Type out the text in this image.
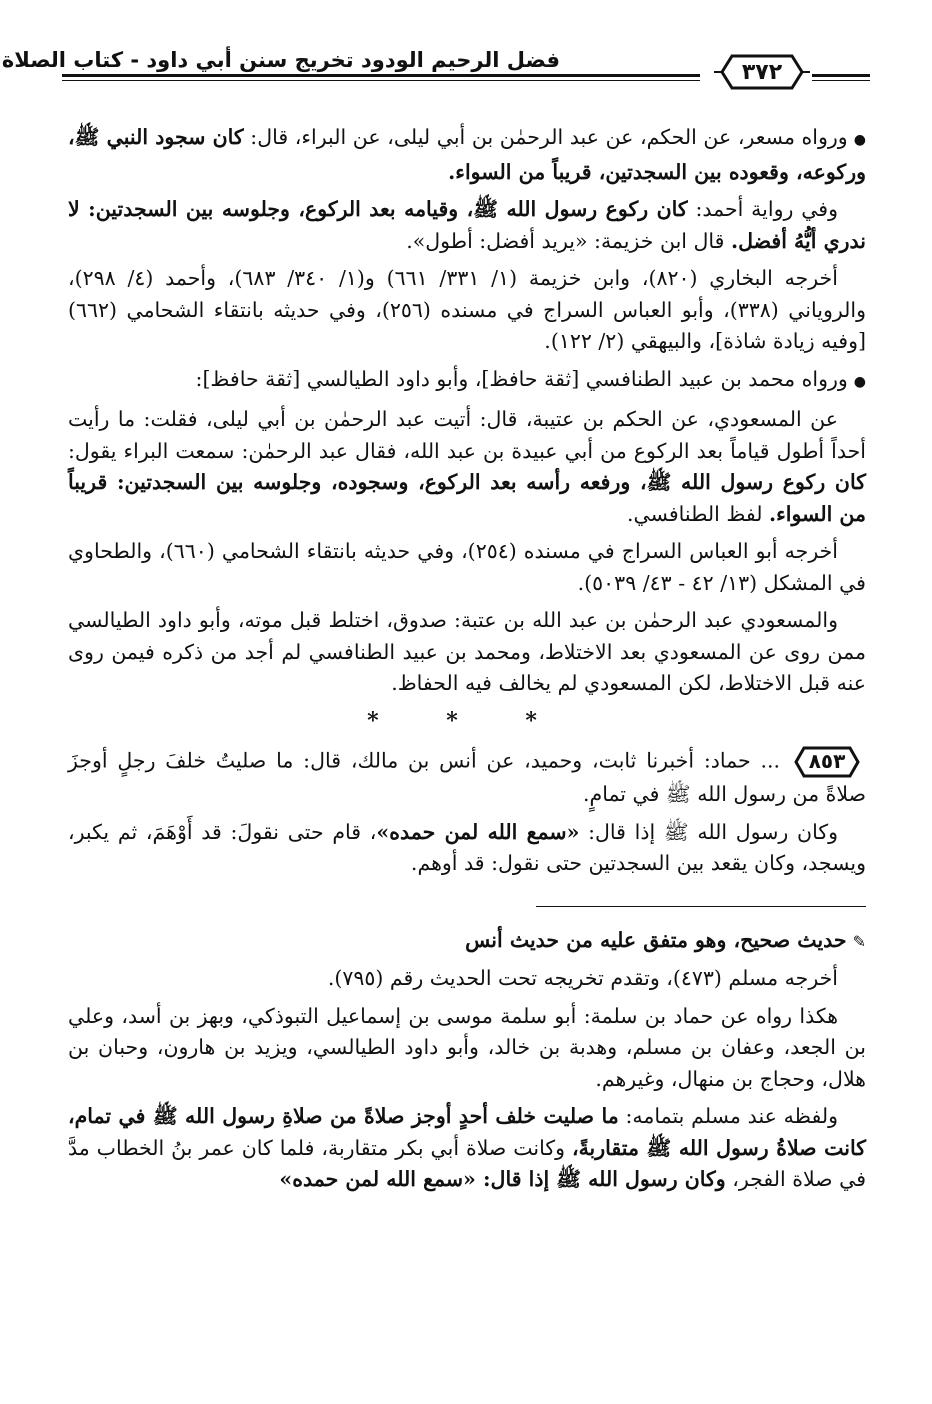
فضل الرحيم الودود تخريج سنن أبي داود - كتاب الصلاة	٣٧٢

●ورواه مسعر، عن الحكم، عن عبد الرحمٰن بن أبي ليلى، عن البراء، قال: كان سجود النبي ﷺ، وركوعه، وقعوده بين السجدتين، قريباً من السواء.

وفي رواية أحمد: كان ركوع رسول الله ﷺ، وقيامه بعد الركوع، وجلوسه بين السجدتين: لا ندري أيُّهُ أفضل. قال ابن خزيمة: «يريد أفضل: أطول».

أخرجه البخاري (٨٢٠)، وابن خزيمة (١/ ٣٣١/ ٦٦١) و(١/ ٣٤٠/ ٦٨٣)، وأحمد (٤/ ٢٩٨)، والروياني (٣٣٨)، وأبو العباس السراج في مسنده (٢٥٦)، وفي حديثه بانتقاء الشحامي (٦٦٢) [وفيه زيادة شاذة]، والبيهقي (٢/ ١٢٢).

●ورواه محمد بن عبيد الطنافسي [ثقة حافظ]، وأبو داود الطيالسي [ثقة حافظ]:

عن المسعودي، عن الحكم بن عتيبة، قال: أتيت عبد الرحمٰن بن أبي ليلى، فقلت: ما رأيت أحداً أطول قياماً بعد الركوع من أبي عبيدة بن عبد الله، فقال عبد الرحمٰن: سمعت البراء يقول: كان ركوع رسول الله ﷺ، ورفعه رأسه بعد الركوع، وسجوده، وجلوسه بين السجدتين: قريباً من السواء. لفظ الطنافسي.

أخرجه أبو العباس السراج في مسنده (٢٥٤)، وفي حديثه بانتقاء الشحامي (٦٦٠)، والطحاوي في المشكل (١٣/ ٤٢ - ٤٣/ ٥٠٣٩).

والمسعودي عبد الرحمٰن بن عبد الله بن عتبة: صدوق، اختلط قبل موته، وأبو داود الطيالسي ممن روى عن المسعودي بعد الاختلاط، ومحمد بن عبيد الطنافسي لم أجد من ذكره فيمن روى عنه قبل الاختلاط، لكن المسعودي لم يخالف فيه الحفاظ.

* * *

٨٥٣
... حماد: أخبرنا ثابت، وحميد، عن أنس بن مالك، قال: ما صليتُ خلفَ رجلٍ أوجزَ صلاةً من رسول الله ﷺ في تمامٍ.

وكان رسول الله ﷺ إذا قال: «سمع الله لمن حمده»، قام حتى نقولَ: قد أَوْهَمَ، ثم يكبر، ويسجد، وكان يقعد بين السجدتين حتى نقول: قد أوهم.

✎حديث صحيح، وهو متفق عليه من حديث أنس

أخرجه مسلم (٤٧٣)، وتقدم تخريجه تحت الحديث رقم (٧٩٥).

هكذا رواه عن حماد بن سلمة: أبو سلمة موسى بن إسماعيل التبوذكي، وبهز بن أسد، وعلي بن الجعد، وعفان بن مسلم، وهدبة بن خالد، وأبو داود الطيالسي، ويزيد بن هارون، وحبان بن هلال، وحجاج بن منهال، وغيرهم.

ولفظه عند مسلم بتمامه: ما صليت خلف أحدٍ أوجز صلاةً من صلاةِ رسول الله ﷺ في تمام، كانت صلاةُ رسول الله ﷺ متقاربةً، وكانت صلاة أبي بكر متقاربة، فلما كان عمر بنُ الخطاب مدَّ في صلاة الفجر، وكان رسول الله ﷺ إذا قال: «سمع الله لمن حمده»
